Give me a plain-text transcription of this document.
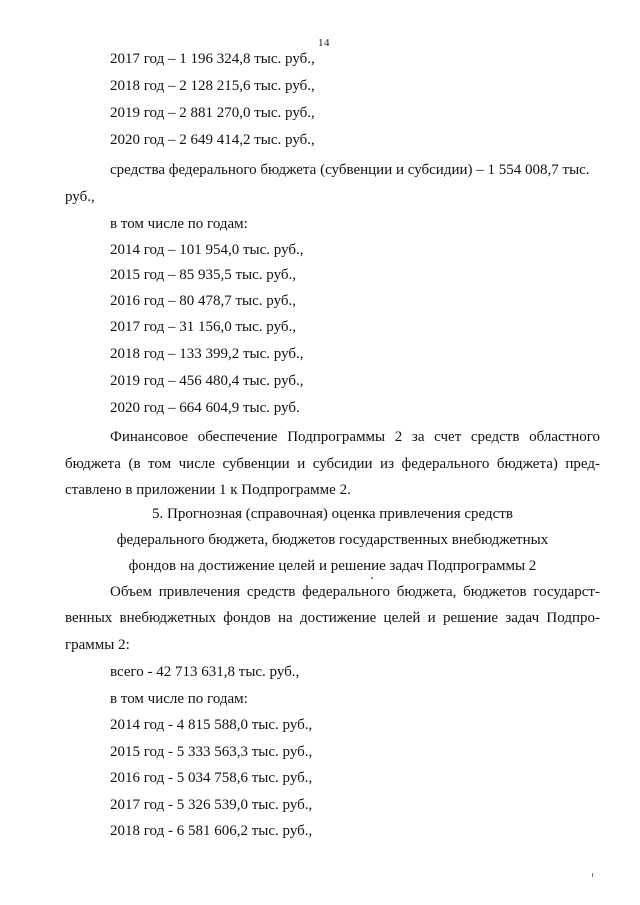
14
2017 год – 1 196 324,8 тыс. руб.,
2018 год – 2 128 215,6 тыс. руб.,
2019 год – 2 881 270,0 тыс. руб.,
2020 год – 2 649 414,2 тыс. руб.,
средства федерального бюджета (субвенции и субсидии) – 1 554 008,7 тыс.
руб.,
в том числе по годам:
2014 год – 101 954,0 тыс. руб.,
2015 год – 85 935,5 тыс. руб.,
2016 год – 80 478,7 тыс. руб.,
2017 год – 31 156,0 тыс. руб.,
2018 год – 133 399,2 тыс. руб.,
2019 год – 456 480,4 тыс. руб.,
2020 год – 664 604,9 тыс. руб.
Финансовое обеспечение Подпрограммы 2 за счет средств областного
бюджета (в том числе субвенции и субсидии из федерального бюджета) пред-
ставлено в приложении 1 к Подпрограмме 2.
5. Прогнозная (справочная) оценка привлечения средств
федерального бюджета, бюджетов государственных внебюджетных
фондов на достижение целей и решение задач Подпрограммы 2
Объем привлечения средств федерального бюджета, бюджетов государст-
венных внебюджетных фондов на достижение целей и решение задач Подпро-
граммы 2:
всего - 42 713 631,8 тыс. руб.,
в том числе по годам:
2014 год - 4 815 588,0 тыс. руб.,
2015 год - 5 333 563,3 тыс. руб.,
2016 год - 5 034 758,6 тыс. руб.,
2017 год - 5 326 539,0 тыс. руб.,
2018 год - 6 581 606,2 тыс. руб.,
